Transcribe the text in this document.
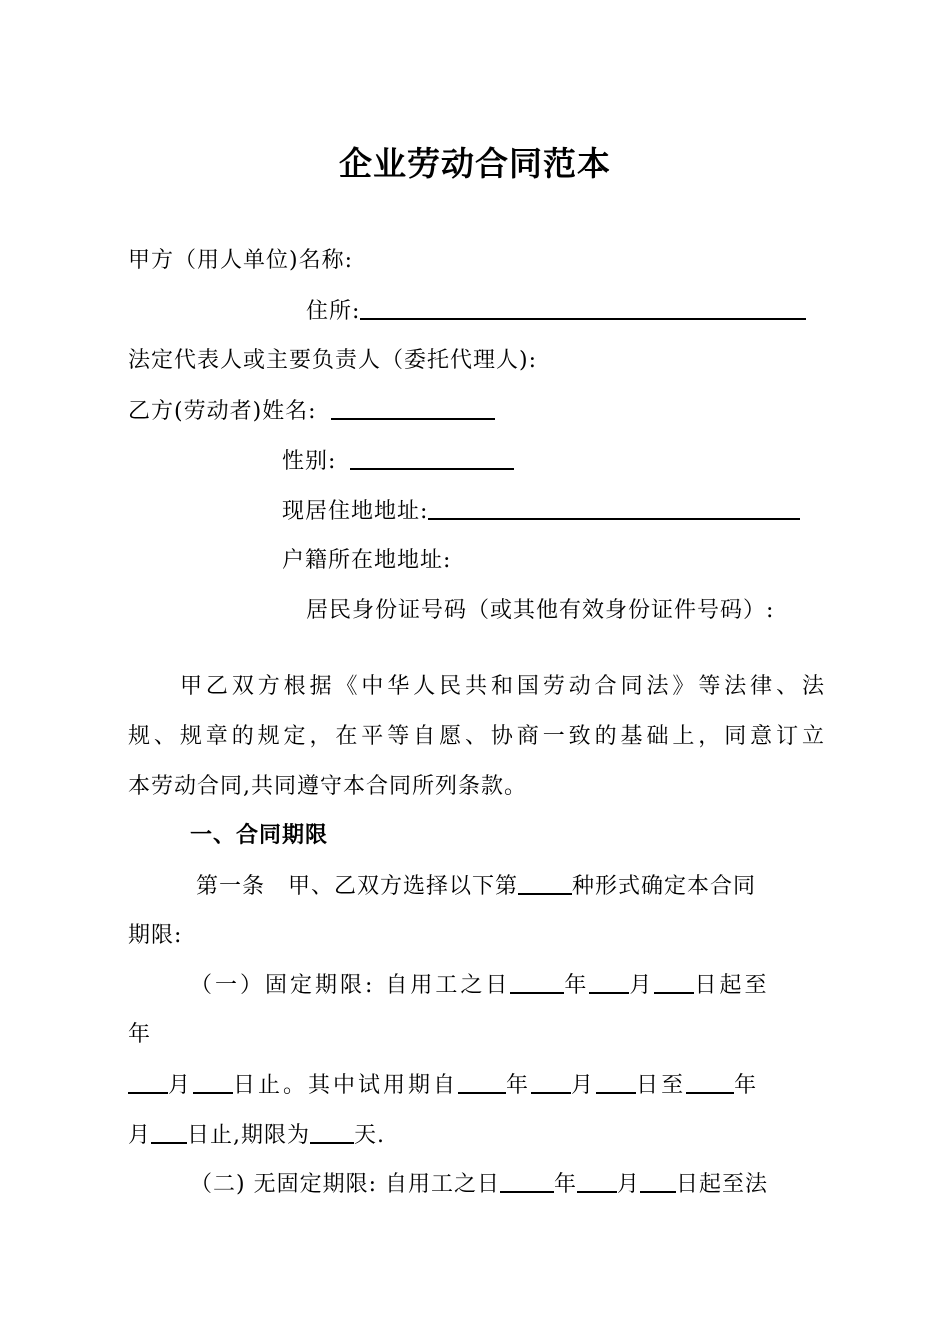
企业劳动合同范本
甲方（用人单位)名称:
住所:
法定代表人或主要负责人（委托代理人):
乙方(劳动者)姓名:
性别:
现居住地地址:
户籍所在地地址:
居民身份证号码（或其他有效身份证件号码）:
甲乙双方根据《中华人民共和国劳动合同法》等法律、法
规、规章的规定，在平等自愿、协商一致的基础上，同意订立
本劳动合同,共同遵守本合同所列条款。
一、合同期限
第一条　甲、乙双方选择以下第 种形式确定本合同
期限:
（一）固定期限: 自用工之日 年 月 日起至
年
月 日止。其中试用期自 年 月 日至 年
月 日止,期限为 天.
（二) 无固定期限: 自用工之日 年 月 日起至法
